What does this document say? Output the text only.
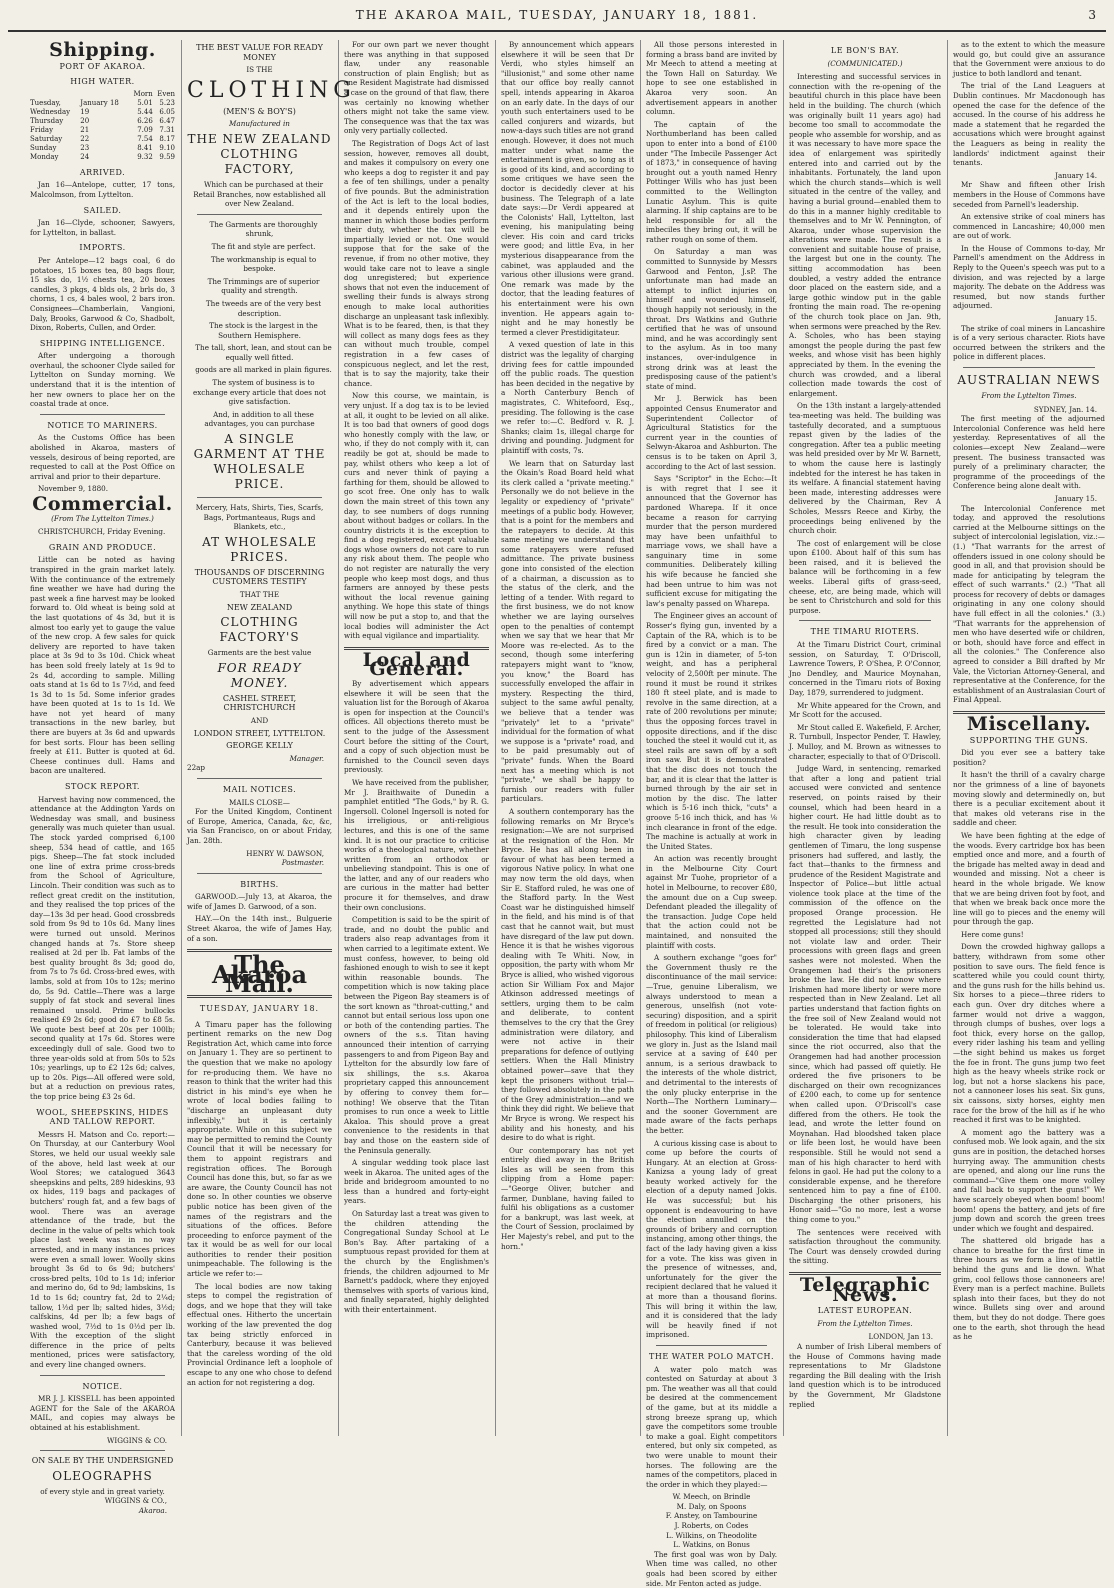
THE AKAROA MAIL, TUESDAY, JANUARY 18, 1881.	3
Shipping.
PORT OF AKAROA.
HIGH WATER.
		Morn	Even
Tuesday,	January 18	5.01	5.23
Wednesday	19	5.44	6.05
Thursday	20	6.26	6.47
Friday	21	7.09	7.31
Saturday	22	7.54	8.17
Sunday	23	8.41	9.10
Monday	24	9.32	9.59
ARRIVED.

Jan 16—Antelope, cutter, 17 tons, Malcolmson, from Lyttelton.

SAILED.

Jan 16—Clyde, schooner, Sawyers, for Lyttelton, in ballast.

IMPORTS.

Per Antelope—12 bags coal, 6 do potatoes, 15 boxes tea, 80 bags flour, 15 sks do, 1½ chests tea, 20 boxes candles, 3 pkgs, 4 blds ols, 2 brls do, 3 chorns, 1 cs, 4 bales wool, 2 bars iron. Consignees—Chamberlain, Vangioni, Daly, Brooks, Garwood & Co, Shadbolt, Dixon, Roberts, Cullen, and Order.

SHIPPING INTELLIGENCE.

After undergoing a thorough overhaul, the schooner Clyde sailed for Lyttelton on Sunday morning. We understand that it is the intention of her new owners to place her on the coastal trade at once.

NOTICE TO MARINERS.

As the Customs Office has been abolished in Akaroa, masters of vessels, desirous of being reported, are requested to call at the Post Office on arrival and prior to their departure.

November 9, 1880.

Commercial.
(From The Lyttelton Times.)

CHRISTCHURCH, Friday Evening.

GRAIN AND PRODUCE.

Little can be noted as having transpired in the grain market lately. With the continuance of the extremely fine weather we have had during the past week a fine harvest may be looked forward to. Old wheat is being sold at the last quotations of 4s 3d, but it is almost too early yet to gauge the value of the new crop. A few sales for quick delivery are reported to have taken place at 3s 9d to 3s 10d. Chick wheat has been sold freely lately at 1s 9d to 2s 4d, according to sample. Milling oats stand at 1s 6d to 1s 7½d, and feed 1s 3d to 1s 5d. Some inferior grades have been quoted at 1s to 1s 1d. We have not yet heard of many transactions in the new barley, but there are buyers at 3s 6d and upwards for best sorts. Flour has been selling freely at £11. Butter is quoted at 6d. Cheese continues dull. Hams and bacon are unaltered.

STOCK REPORT.

Harvest having now commenced, the attendance at the Addington Yards on Wednesday was small, and business generally was much quieter than usual. The stock yarded comprised 6,100 sheep, 534 head of cattle, and 165 pigs. Sheep—The fat stock included one line of extra prime cross-breds from the School of Agriculture, Lincoln. Their condition was such as to reflect great credit on the institution, and they realised the top prices of the day—13s 3d per head. Good crossbreds sold from 9s 9d to 10s 6d. Many lines were turned out unsold. Merinos changed hands at 7s. Store sheep realised at 2d per lb. Fat lambs of the best quality brought 8s 3d; good do, from 7s to 7s 6d. Cross-bred ewes, with lambs, sold at from 10s to 12s; merino do, 5s 9d. Cattle—There was a large supply of fat stock and several lines remained unsold. Prime bullocks realised £9 2s 6d; good do £7 to £8 5s. We quote best beef at 20s per 100lb; second quality at 17s 6d. Stores were exceedingly dull of sale. Good two to three year-olds sold at from 50s to 52s 10s; yearlings, up to £2 12s 6d; calves, up to 20s. Pigs—All offered were sold, but at a reduction on previous rates, the top price being £3 2s 6d.

WOOL, SHEEPSKINS, HIDES AND TALLOW REPORT.

Messrs H. Matson and Co. report:—On Thursday, at our Canterbury Wool Stores, we held our usual weekly sale of the above, held last week at our Wool Stores; we catalogued 3643 sheepskins and pelts, 289 hideskins, 93 ox hides, 119 bags and packages of butchers' rough fat, and a few bags of wool. There was an average attendance of the trade, but the decline in the value of pelts which took place last week was in no way arrested, and in many instances prices were even a small lower. Woolly skins brought 3s 6d to 6s 9d; butchers' cross-bred pelts, 10d to 1s 1d; inferior and merino do, 6d to 9d; lambskins, 1s 1d to 1s 6d; country fat, 2d to 2¼d; tallow, 1½d per lb; salted hides, 3½d; calfskins, 4d per lb; a few bags of washed wool, 7½d to 1s 0½d per lb. With the exception of the slight difference in the price of pelts mentioned, prices were satisfactory, and every line changed owners.

NOTICE.

MR J. J. KISSELL has been appointed AGENT for the Sale of the AKAROA MAIL, and copies may always be obtained at his establishment.

WIGGINS & CO.
ON SALE BY THE UNDERSIGNED
OLEOGRAPHS
of every style and in great variety.
WIGGINS & CO.,
Akaroa.
THE BEST VALUE FOR READY MONEY
IS THE
CLOTHING
(MEN'S & BOY'S)
Manufactured in
THE NEW ZEALAND CLOTHING FACTORY,

Which can be purchased at their Retail Branches, now established all over New Zealand.

The Garments are thoroughly shrunk,

The fit and style are perfect.

The workmanship is equal to bespoke.

The Trimmings are of superior quality and strength.

The tweeds are of the very best description.

The stock is the largest in the Southern Hemisphere.

The tall, short, lean, and stout can be equally well fitted.

goods are all marked in plain figures.

The system of business is to exchange every article that does not give satisfaction.

And, in addition to all these advantages, you can purchase

A SINGLE GARMENT AT THE WHOLESALE PRICE.
Mercery, Hats, Shirts, Ties, Scarfs, Bags, Portmanteaus, Rugs and Blankets, etc.,
AT WHOLESALE PRICES.
THOUSANDS OF DISCERNING CUSTOMERS TESTIFY
THAT THE
NEW ZEALAND
CLOTHING FACTORY'S
Garments are the best value
FOR READY MONEY.
CASHEL STREET, CHRISTCHURCH
AND
LONDON STREET, LYTTELTON.
GEORGE KELLY
Manager.
22ap
MAIL NOTICES.
MAILS CLOSE—

For the United Kingdom, Continent of Europe, America, Canada, &c, &c, via San Francisco, on or about Friday, Jan. 28th.

HENRY W. DAWSON,
Postmaster.
BIRTHS.

GARWOOD.—July 13, at Akaroa, the wife of James D. Garwood, of a son.

HAY.—On the 14th inst., Bulguerie Street Akaroa, the wife of James Hay, of a son.

The Akaroa Mail.
TUESDAY, JANUARY 18.

A Timaru paper has the following pertinent remarks on the new Dog Registration Act, which came into force on January 1. They are so pertinent to the question that we make no apology for re-producing them. We have no reason to think that the writer had this district in his mind's eye when he wrote of local bodies failing to "discharge an unpleasant duty inflexibly," but it is certainly appropriate. While on this subject we may be permitted to remind the County Council that it will be necessary for them to appoint registrars and registration offices. The Borough Council has done this, but, so far as we are aware, the County Council has not done so. In other counties we observe public notice has been given of the names of the registrars and the situations of the offices. Before proceeding to enforce payment of the tax it would be as well for our local authorities to render their position unimpeachable. The following is the article we refer to:—

The local bodies are now taking steps to compel the registration of dogs, and we hope that they will take effectual ones. Hitherto the uncertain working of the law prevented the dog tax being strictly enforced in Canterbury, because it was believed that the careless wording of the old Provincial Ordinance left a loophole of escape to any one who chose to defend an action for not registering a dog.

For our own part we never thought there was anything in that supposed flaw, under any reasonable construction of plain English; but as one Resident Magistrate had dismissed a case on the ground of that flaw, there was certainly no knowing whether others might not take the same view. The consequence was that the tax was only very partially collected.

The Registration of Dogs Act of last session, however, removes all doubt, and makes it compulsory on every one who keeps a dog to register it and pay a fee of ten shillings, under a penalty of five pounds. But the administration of the Act is left to the local bodies, and it depends entirely upon the manner in which those bodies perform their duty, whether the tax will be impartially levied or not. One would suppose that for the sake of the revenue, if from no other motive, they would take care not to leave a single dog unregistered; but experience shows that not even the inducement of swelling their funds is always strong enough to make local authorities discharge an unpleasant task inflexibly. What is to be feared, then, is that they will collect as many dogs fees as they can without much trouble, compel registration in a few cases of conspicuous neglect, and let the rest, that is to say the majority, take their chance.

Now this course, we maintain, is very unjust. If a dog tax is to be levied at all, it ought to be levied on all alike. It is too bad that owners of good dogs who honestly comply with the law, or who, if they do not comply with it, can readily be got at, should be made to pay, whilst others who keep a lot of curs and never think of paying a farthing for them, should be allowed to go scot free. One only has to walk down the main street of this town any day, to see numbers of dogs running about without badges or collars. In the country districts it is the exception to find a dog registered, except valuable dogs whose owners do not care to run any risk about them. The people who do not register are naturally the very people who keep most dogs, and thus farmers are annoyed by these pests without the local revenue gaining anything. We hope this state of things will now be put a stop to, and that the local bodies will administer the Act with equal vigilance and impartiality.

Local and General.

By advertisement which appears elsewhere it will be seen that the valuation list for the Borough of Akaroa is open for inspection at the Council's offices. All objections thereto must be sent to the judge of the Assessment Court before the sitting of the Court, and a copy of such objection must be furnished to the Council seven days previously.

We have received from the publisher, Mr J. Braithwaite of Dunedin a pamphlet entitled "The Gods," by R. G. Ingersoll. Colonel Ingersoll is noted for his irreligious, or anti-religious lectures, and this is one of the same kind. It is not our practice to criticise works of a theological nature, whether written from an orthodox or unbelieving standpoint. This is one of the latter, and any of our readers who are curious in the matter had better procure it for themselves, and draw their own conclusions.

Competition is said to be the spirit of trade, and no doubt the public and traders also reap advantages from it when carried to a legitimate extent. We must confess, however, to being old fashioned enough to wish to see it kept within reasonable bounds. The competition which is now taking place between the Pigeon Bay steamers is of the sort known as "throat-cutting," and cannot but entail serious loss upon one or both of the contending parties. The owners of the s.s. Titan having announced their intention of carrying passengers to and from Pigeon Bay and Lyttelton for the absurdly low fare of six shillings, the s.s. Akaroa proprietary capped this announcement by offering to convey them for—nothing! We observe that the Titan promises to run once a week to Little Akaloa. This should prove a great convenience to the residents in that bay and those on the eastern side of the Peninsula generally.

A singular wedding took place last week in Akaroa. The united ages of the bride and bridegroom amounted to no less than a hundred and forty-eight years.

On Saturday last a treat was given to the children attending the Congregational Sunday School at Le Bon's Bay. After partaking of a sumptuous repast provided for them at the church by the Englishmen's friends, the children adjourned to Mr Barnett's paddock, where they enjoyed themselves with sports of various kind, and finally separated, highly delighted with their entertainment.

By announcement which appears elsewhere it will be seen that Dr Verdi, who styles himself an "illusionist," and some other name that our office boy really cannot spell, intends appearing in Akaroa on an early date. In the days of our youth such entertainers used to be called conjurers and wizards, but now-a-days such titles are not grand enough. However, it does not much matter under what name the entertainment is given, so long as it is good of its kind, and according to some critiques we have seen the doctor is decidedly clever at his business. The Telegraph of a late date says:—Dr Verdi appeared at the Colonists' Hall, Lyttelton, last evening, his manipulating being clever. His coin and card tricks were good; and little Eva, in her mysterious disappearance from the cabinet, was applauded and the various other illusions were grand. One remark was made by the doctor, that the leading features of his entertainment were his own invention. He appears again to-night and he may honestly be termed a clever Prestidigitateur.

A vexed question of late in this district was the legality of charging driving fees for cattle impounded off the public roads. The question has been decided in the negative by a North Canterbury Bench of magistrates, C. Whitefoord, Esq., presiding. The following is the case we refer to:—C. Bedford v. R. J. Shanks; claim 1s, illegal charge for driving and pounding. Judgment for plaintiff with costs, 7s.

We learn that on Saturday last the Okain's Road Board held what its clerk called a "private meeting." Personally we do not believe in the legality or expediency of "private" meetings of a public body. However, that is a point for the members and the ratepayers to decide. At this same meeting we understand that some ratepayers were refused admittance. The private business gone into consisted of the election of a chairman, a discussion as to the status of the clerk, and the letting of a tender. With regard to the first business, we do not know whether we are laying ourselves open to the penalties of contempt when we say that we hear that Mr Moore was re-elected. As to the second, though some interfering ratepayers might want to "know, you know," the Board has successfully enveloped the affair in mystery. Respecting the third, subject to the same awful penalty, we believe that a tender was "privately" let to a "private" individual for the formation of what we suppose is a "private" road, and to be paid presumably out of "private" funds. When the Board next has a meeting which is not "private," we shall be happy to furnish our readers with fuller particulars.

A southern contemporary has the following remarks on Mr Bryce's resignation:—We are not surprised at the resignation of the Hon. Mr Bryce. He has all along been in favour of what has been termed a vigorous Native policy. In what one may now term the old days, when Sir E. Stafford ruled, he was one of the Stafford party. In the West Coast war he distinguished himself in the field, and his mind is of that cast that he cannot wait, but must have disregard of the law put down. Hence it is that he wishes vigorous dealing with Te Whiti. Now, in opposition, the party with whom Mr Bryce is allied, who wished vigorous action Sir William Fox and Major Atkinson addressed meetings of settlers, urging them to be calm and deliberate, to content themselves to the cry that the Grey administration were dilatory, and were not active in their preparations for defence of outlying settlers. When the Hall Ministry obtained power—save that they kept the prisoners without trial—they followed absolutely in the path of the Grey administration—and we think they did right. We believe that Mr Bryce is wrong. We respect his ability and his honesty, and his desire to do what is right.

Our contemporary has not yet entirely died away in the British Isles as will be seen from this clipping from a Home paper:—"George Oliver, butcher and farmer, Dunblane, having failed to fulfil his obligations as a customer for a bankrupt, was last week, at the Court of Session, proclaimed by Her Majesty's rebel, and put to the horn."

All those persons interested in forming a brass band are invited by Mr Meech to attend a meeting at the Town Hall on Saturday. We hope to see one established in Akaroa very soon. An advertisement appears in another column.

The captain of the Northumberland has been called upon to enter into a bond of £100 under "The Imbecile Passenger Act of 1873," in consequence of having brought out a youth named Henry Pottinger Wills who has just been committed to the Wellington Lunatic Asylum. This is quite alarming. If ship captains are to be held responsible for all the imbeciles they bring out, it will be rather rough on some of them.

On Saturday a man was committed to Sunnyside by Messrs Garwood and Fenton, J.sP. The unfortunate man had made an attempt to inflict injuries on himself and wounded himself, though happily not seriously, in the throat. Drs Watkins and Guthrie certified that he was of unsound mind, and he was accordingly sent to the asylum. As in too many instances, over-indulgence in strong drink was at least the predisposing cause of the patient's state of mind.

Mr J. Berwick has been appointed Census Enumerator and Superintendent Collector of Agricultural Statistics for the current year in the counties of Selwyn-Akaroa and Ashburton. The census is to be taken on April 3, according to the Act of last session.

Says "Scriptor" in the Echo:—It is with regret that I see it announced that the Governor has pardoned Wharepa. If it once became a reason for carrying murder that the person murdered may have been unfaithful to marriage vows, we shall have a sanguinary time in some communities. Deliberately killing his wife because he fancied she had been untrue to him was not sufficient excuse for mitigating the law's penalty passed on Wharepa.

The Engineer gives an account of Rosser's flying gun, invented by a Captain of the RA, which is to be fired by a convict or a man. The gun is 12in in diameter, of 5-ton weight, and has a peripheral velocity of 2,500ft per minute. The round it must be round it strikes 180 ft steel plate, and is made to revolve in the same direction, at a rate of 200 revolutions per minute; thus the opposing forces travel in opposite directions, and if the disc touched the steel it would cut it, as steel rails are sawn off by a soft iron saw. But it is demonstrated that the disc does not touch the bar, and it is clear that the latter is burned through by the air set in motion by the disc. The latter which is 5-16 inch thick, "cuts" a groove 5-16 inch thick, and has ⅛ inch clearance in front of the edge. The machine is actually at work in the United States.

An action was recently brought in the Melbourne City Court against Mr Tuohe, proprietor of a hotel in Melbourne, to recover £80, the amount due on a Cup sweep. Defendant pleaded the illegality of the transaction. Judge Cope held that the action could not be maintained, and nonsuited the plaintiff with costs.

A southern exchange "goes for" the Government thusly re the discontinuance of the mail service:—True, genuine Liberalism, we always understood to mean a generous, unselfish (not vote-securing) disposition, and a spirit of freedom in political (or religious) philosophy. This kind of Liberalism we glory in. Just as the Island mail service at a saving of £40 per annum, is a serious drawback to the interests of the whole district, and detrimental to the interests of the only plucky enterprise in the North—The Northern Luminary—and the sooner Government are made aware of the facts perhaps the better.

A curious kissing case is about to come up before the courts of Hungary. At an election at Gross-Kanizsa a young lady of great beauty worked actively for the election of a deputy named Jokis. He was successful; but his opponent is endeavouring to have the election annulled on the grounds of bribery and corruption instancing, among other things, the fact of the lady having given a kiss for a vote. The kiss was given in the presence of witnesses, and, unfortunately for the giver the recipient declared that he valued it at more than a thousand florins. This will bring it within the law, and it is considered that the lady will be heavily fined if not imprisoned.

THE WATER POLO MATCH.

A water polo match was contested on Saturday at about 3 pm. The weather was all that could be desired at the commencement of the game, but at its middle a strong breeze sprang up, which gave the competitors some trouble to make a goal. Eight competitors entered, but only six competed, as two were unable to mount their horses. The following are the names of the competitors, placed in the order in which they played:—

W. Meech, on Brindle
M. Daly, on Spoons
F. Anstey, on Tambourine
J. Roberts, on Codes
L. Wilkins, on Theodolite
L. Watkins, on Bonus

The first goal was won by Daly. When time was called, no other goals had been scored by either side. Mr Fenton acted as judge.

LE BON'S BAY.
(COMMUNICATED.)

Interesting and successful services in connection with the re-opening of the beautiful church in this place have been held in the building. The church (which was originally built 11 years ago) had become too small to accommodate the people who assemble for worship, and as it was necessary to have more space the idea of enlargement was spiritedly entered into and carried out by the inhabitants. Fortunately, the land upon which the church stands—which is well situated in the centre of the valley, and having a burial ground—enabled them to do this in a manner highly creditable to themselves and to Mr W. Pennington, of Akaroa, under whose supervision the alterations were made. The result is a convenient and suitable house of praise, the largest but one in the county. The sitting accommodation has been doubled, a vestry added the entrance door placed on the eastern side, and a large gothic window put in the gable fronting the main road. The re-opening of the church took place on Jan. 9th, when sermons were preached by the Rev. A. Scholes, who has been staying amongst the people during the past few weeks, and whose visit has been highly appreciated by them. In the evening the church was crowded, and a liberal collection made towards the cost of enlargement.

On the 13th instant a largely-attended tea-meeting was held. The building was tastefully decorated, and a sumptuous repast given by the ladies of the congregation. After tea a public meeting was held presided over by Mr W. Barnett, to whom the cause here is lastingly indebted for the interest he has taken in its welfare. A financial statement having been made, interesting addresses were delivered by the Chairman, Rev A Scholes, Messrs Reece and Kirby, the proceedings being enlivened by the church choir.

The cost of enlargement will be close upon £100. About half of this sum has been raised, and it is believed the balance will be forthcoming in a few weeks. Liberal gifts of grass-seed, cheese, etc, are being made, which will be sent to Christchurch and sold for this purpose.

THE TIMARU RIOTERS.

At the Timaru District Court, criminal session, on Saturday, T. O'Driscoll, Lawrence Towers, P. O'Shea, P. O'Connor, Jno Dendley, and Maurice Moynahan, concerned in the Timaru riots of Boxing Day, 1879, surrendered to judgment.

Mr White appeared for the Crown, and Mr Scott for the accused.

Mr Stout called E. Wakefield, F. Archer, R. Turnbull, Inspector Pender, T. Hawley, J. Mulloy, and M. Brown as witnesses to character, especially to that of O'Driscoll.

Judge Ward, in sentencing, remarked that after a long and patient trial accused were convicted and sentence reserved, on points raised by their counsel, which had been heard in a higher court. He had little doubt as to the result. He took into consideration the high character given by leading gentlemen of Timaru, the long suspense prisoners had suffered, and lastly, the fact that—thanks to the firmness and prudence of the Resident Magistrate and Inspector of Police—but little actual violence took place at the time of the commission of the offence on the proposed Orange procession. He regretted the Legislature had not stopped all processions; still they should not violate law and order. Their processions with green flags and green sashes were not molested. When the Orangemen had their's the prisoners broke the law. He did not know where Irishmen had more liberty or were more respected than in New Zealand. Let all parties understand that faction fights on the free soil of New Zealand would not be tolerated. He would take into consideration the time that had elapsed since the riot occurred, also that the Orangemen had had another procession since, which had passed off quietly. He ordered the five prisoners to be discharged on their own recognizances of £200 each, to come up for sentence when called upon. O'Driscoll's case differed from the others. He took the lead, and wrote the letter found on Moynahan. Had bloodshed taken place or life been lost, he would have been responsible. Still he would not send a man of his high character to herd with felons in gaol. He had put the colony to a considerable expense, and he therefore sentenced him to pay a fine of £100. Discharging the other prisoners, his Honor said—"Go no more, lest a worse thing come to you."

The sentences were received with satisfaction throughout the community. The Court was densely crowded during the sitting.

Telegraphic News.
LATEST EUROPEAN.
From the Lyttelton Times.
LONDON, Jan 13.

A number of Irish Liberal members of the House of Commons having made representations to Mr Gladstone regarding the Bill dealing with the Irish land question which is to be introduced by the Government, Mr Gladstone replied

as to the extent to which the measure would go, but could give an assurance that the Government were anxious to do justice to both landlord and tenant.

The trial of the Land Leaguers at Dublin continues. Mr Macdonough has opened the case for the defence of the accused. In the course of his address he made a statement that he regarded the accusations which were brought against the Leaguers as being in reality the landlords' indictment against their tenants.

January 14.

Mr Shaw and fifteen other Irish members in the House of Commons have seceded from Parnell's leadership.

An extensive strike of coal miners has commenced in Lancashire; 40,000 men are out of work.

In the House of Commons to-day, Mr Parnell's amendment on the Address in Reply to the Queen's speech was put to a division, and was rejected by a large majority. The debate on the Address was resumed, but now stands further adjourned.

January 15.

The strike of coal miners in Lancashire is of a very serious character. Riots have occurred between the strikers and the police in different places.

AUSTRALIAN NEWS
From the Lyttelton Times.
SYDNEY, Jan. 14.

The first meeting of the adjourned Intercolonial Conference was held here yesterday. Representatives of all the colonies—except New Zealand—were present. The business transacted was purely of a preliminary character, the programme of the proceedings of the Conference being alone dealt with.

January 15.

The Intercolonial Conference met today, and approved the resolutions carried at the Melbourne sittings on the subject of intercolonial legislation, viz.:—(1.) "That warrants for the arrest of offenders issued in one colony should be good in all, and that provision should be made for anticipating by telegram the effect of such warrants." (2.) "That all process for recovery of debts or damages originating in any one colony should have full effect in all the colonies." (3.) "That warrants for the apprehension of men who have deserted wife or children, or both, should have force and effect in all the colonies." The Conference also agreed to consider a Bill drafted by Mr Vale, the Victorian Attorney-General, and representative at the Conference, for the establishment of an Australasian Court of Final Appeal.

Miscellany.
SUPPORTING THE GUNS.

Did you ever see a battery take position?

It hasn't the thrill of a cavalry charge nor the grimness of a line of bayonets moving slowly and determinedly on, but there is a peculiar excitement about it that makes old veterans rise in the saddle and cheer.

We have been fighting at the edge of the woods. Every cartridge box has been emptied once and more, and a fourth of the brigade has melted away in dead and wounded and missing. Not a cheer is heard in the whole brigade. We know that we are being driven foot by foot, and that when we break back once more the line will go to pieces and the enemy will pour through the gap.

Here come guns!

Down the crowded highway gallops a battery, withdrawn from some other position to save ours. The field fence is scattered while you could count thirty, and the guns rush for the hills behind us. Six horses to a piece—three riders to each gun. Over dry ditches where a farmer would not drive a waggon, through clumps of bushes, over logs a foot thick, every horse on the gallop, every rider lashing his team and yelling—the sight behind us makes us forget the foe in front. The guns jump two feet high as the heavy wheels strike rock or log, but not a horse slackens his pace, not a cannoneer loses his seat. Six guns, six caissons, sixty horses, eighty men race for the brow of the hill as if he who reached it first was to be knighted.

A moment ago the battery was a confused mob. We look again, and the six guns are in position, the detached horses hurrying away. The ammunition chests are opened, and along our line runs the command—"Give them one more volley and fall back to support the guns!" We have scarcely obeyed when boom! boom! boom! opens the battery, and jets of fire jump down and scorch the green trees under which we fought and despaired.

The shattered old brigade has a chance to breathe for the first time in three hours as we form a line of battle behind the guns and lie down. What grim, cool fellows those cannoneers are! Every man is a perfect machine. Bullets splash into their faces, but they do not wince. Bullets sing over and around them, but they do not dodge. There goes one to the earth, shot through the head as he
